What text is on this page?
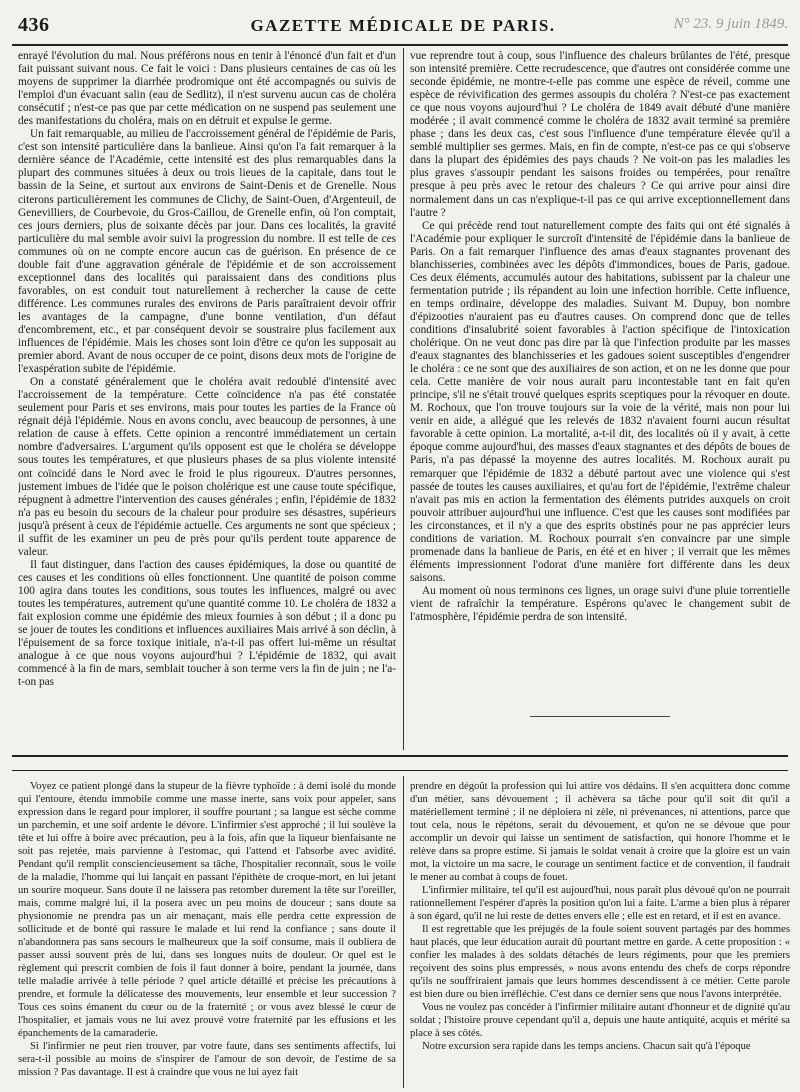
436	GAZETTE MÉDICALE DE PARIS.	N° 23. 9 juin 1849.

enrayé l'évolution du mal. Nous préférons nous en tenir à l'énoncé d'un fait et d'un fait puissant suivant nous. Ce fait le voici : Dans plusieurs centaines de cas où les moyens de supprimer la diarrhée prodromique ont été accompagnés ou suivis de l'emploi d'un évacuant salin (eau de Sedlitz), il n'est survenu aucun cas de choléra consécutif ; n'est-ce pas que par cette médication on ne suspend pas seulement une des manifestations du choléra, mais on en détruit et expulse le germe.

Un fait remarquable, au milieu de l'accroissement général de l'épidémie de Paris, c'est son intensité particulière dans la banlieue. Ainsi qu'on l'a fait remarquer à la dernière séance de l'Académie, cette intensité est des plus remarquables dans la plupart des communes situées à deux ou trois lieues de la capitale, dans tout le bassin de la Seine, et surtout aux environs de Saint-Denis et de Grenelle. Nous citerons particulièrement les communes de Clichy, de Saint-Ouen, d'Argenteuil, de Genevilliers, de Courbevoie, du Gros-Caillou, de Grenelle enfin, où l'on comptait, ces jours derniers, plus de soixante décès par jour. Dans ces localités, la gravité particulière du mal semble avoir suivi la progression du nombre. Il est telle de ces communes où on ne compte encore aucun cas de guérison. En présence de ce double fait d'une aggravation générale de l'épidémie et de son accroissement exceptionnel dans des localités qui paraissaient dans des conditions plus favorables, on est conduit tout naturellement à rechercher la cause de cette différence. Les communes rurales des environs de Paris paraîtraient devoir offrir les avantages de la campagne, d'une bonne ventilation, d'un défaut d'encombrement, etc., et par conséquent devoir se soustraire plus facilement aux influences de l'épidémie. Mais les choses sont loin d'être ce qu'on les supposait au premier abord. Avant de nous occuper de ce point, disons deux mots de l'origine de l'exaspération subite de l'épidémie.

On a constaté généralement que le choléra avait redoublé d'intensité avec l'accroissement de la température. Cette coïncidence n'a pas été constatée seulement pour Paris et ses environs, mais pour toutes les parties de la France où régnait déjà l'épidémie. Nous en avons conclu, avec beaucoup de personnes, à une relation de cause à effets. Cette opinion a rencontré immédiatement un certain nombre d'adversaires. L'argument qu'ils opposent est que le choléra se développe sous toutes les températures, et que plusieurs phases de sa plus violente intensité ont coïncidé dans le Nord avec le froid le plus rigoureux. D'autres personnes, justement imbues de l'idée que le poison cholérique est une cause toute spécifique, répugnent à admettre l'intervention des causes générales ; enfin, l'épidémie de 1832 n'a pas eu besoin du secours de la chaleur pour produire ses désastres, supérieurs jusqu'à présent à ceux de l'épidémie actuelle. Ces arguments ne sont que spécieux ; il suffit de les examiner un peu de près pour qu'ils perdent toute apparence de valeur.

Il faut distinguer, dans l'action des causes épidémiques, la dose ou quantité de ces causes et les conditions où elles fonctionnent. Une quantité de poison comme 100 agira dans toutes les conditions, sous toutes les influences, malgré ou avec toutes les températures, autrement qu'une quantité comme 10. Le choléra de 1832 a fait explosion comme une épidémie des mieux fournies à son début ; il a donc pu se jouer de toutes les conditions et influences auxiliaires Mais arrivé à son déclin, à l'épuisement de sa force toxique initiale, n'a-t-il pas offert lui-même un résultat analogue à ce que nous voyons aujourd'hui ? L'épidémie de 1832, qui avait commencé à la fin de mars, semblait toucher à son terme vers la fin de juin ; ne l'a-t-on pas

vue reprendre tout à coup, sous l'influence des chaleurs brûlantes de l'été, presque son intensité première. Cette recrudescence, que d'autres ont considérée comme une seconde épidémie, ne montre-t-elle pas comme une espèce de réveil, comme une espèce de révivification des germes assoupis du choléra ? N'est-ce pas exactement ce que nous voyons aujourd'hui ? Le choléra de 1849 avait débuté d'une manière modérée ; il avait commencé comme le choléra de 1832 avait terminé sa première phase ; dans les deux cas, c'est sous l'influence d'une température élevée qu'il a semblé multiplier ses germes. Mais, en fin de compte, n'est-ce pas ce qui s'observe dans la plupart des épidémies des pays chauds ? Ne voit-on pas les maladies les plus graves s'assoupir pendant les saisons froides ou tempérées, pour renaître presque à peu près avec le retour des chaleurs ? Ce qui arrive pour ainsi dire normalement dans un cas n'explique-t-il pas ce qui arrive exceptionnellement dans l'autre ?

Ce qui précède rend tout naturellement compte des faits qui ont été signalés à l'Académie pour expliquer le surcroît d'intensité de l'épidémie dans la banlieue de Paris. On a fait remarquer l'influence des amas d'eaux stagnantes provenant des blanchisseries, combinées avec les dépôts d'immondices, boues de Paris, gadoue. Ces deux éléments, accumulés autour des habitations, subissent par la chaleur une fermentation putride ; ils répandent au loin une infection horrible. Cette influence, en temps ordinaire, développe des maladies. Suivant M. Dupuy, bon nombre d'épizooties n'auraient pas eu d'autres causes. On comprend donc que de telles conditions d'insalubrité soient favorables à l'action spécifique de l'intoxication cholérique. On ne veut donc pas dire par là que l'infection produite par les masses d'eaux stagnantes des blanchisseries et les gadoues soient susceptibles d'engendrer le choléra : ce ne sont que des auxiliaires de son action, et on ne les donne que pour cela. Cette manière de voir nous aurait paru incontestable tant en fait qu'en principe, s'il ne s'était trouvé quelques esprits sceptiques pour la révoquer en doute. M. Rochoux, que l'on trouve toujours sur la voie de la vérité, mais non pour lui venir en aide, a allégué que les relevés de 1832 n'avaient fourni aucun résultat favorable à cette opinion. La mortalité, a-t-il dit, des localités où il y avait, à cette époque comme aujourd'hui, des masses d'eaux stagnantes et des dépôts de boues de Paris, n'a pas dépassé la moyenne des autres localités. M. Rochoux aurait pu remarquer que l'épidémie de 1832 a débuté partout avec une violence qui s'est passée de toutes les causes auxiliaires, et qu'au fort de l'épidémie, l'extrême chaleur n'avait pas mis en action la fermentation des éléments putrides auxquels on croit pouvoir attribuer aujourd'hui une influence. C'est que les causes sont modifiées par les circonstances, et il n'y a que des esprits obstinés pour ne pas apprécier leurs conditions de variation. M. Rochoux pourrait s'en convaincre par une simple promenade dans la banlieue de Paris, en été et en hiver ; il verrait que les mêmes éléments impressionnent l'odorat d'une manière fort différente dans les deux saisons.

Au moment où nous terminons ces lignes, un orage suivi d'une pluie torrentielle vient de rafraîchir la température. Espérons qu'avec le changement subit de l'atmosphère, l'épidémie perdra de son intensité.

Voyez ce patient plongé dans la stupeur de la fièvre typhoïde : à demi isolé du monde qui l'entoure, étendu immobile comme une masse inerte, sans voix pour appeler, sans expression dans le regard pour implorer, il souffre pourtant ; sa langue est sèche comme un parchemin, et une soif ardente le dévore. L'infirmier s'est approché ; il lui soulève la tête et lui offre à boire avec précaution, peu à la fois, afin que la liqueur bienfaisante ne soit pas rejetée, mais parvienne à l'estomac, qui l'attend et l'absorbe avec avidité. Pendant qu'il remplit consciencieusement sa tâche, l'hospitalier reconnaît, sous le voile de la maladie, l'homme qui lui lançait en passant l'épithète de croque-mort, en lui jetant un sourire moqueur. Sans doute il ne laissera pas retomber durement la tête sur l'oreiller, mais, comme malgré lui, il la posera avec un peu moins de douceur ; sans doute sa physionomie ne prendra pas un air menaçant, mais elle perdra cette expression de sollicitude et de bonté qui rassure le malade et lui rend la confiance ; sans doute il n'abandonnera pas sans secours le malheureux que la soif consume, mais il oubliera de passer aussi souvent près de lui, dans ses longues nuits de douleur. Or quel est le règlement qui prescrit combien de fois il faut donner à boire, pendant la journée, dans telle maladie arrivée à telle période ? quel article détaillé et précise les précautions à prendre, et formule la délicatesse des mouvements, leur ensemble et leur succession ? Tous ces soins émanent du cœur ou de la fraternité ; or vous avez blessé le cœur de l'hospitalier, et jamais vous ne lui avez prouvé votre fraternité par les effusions et les épanchements de la camaraderie.

Si l'infirmier ne peut rien trouver, par votre faute, dans ses sentiments affectifs, lui sera-t-il possible au moins de s'inspirer de l'amour de son devoir, de l'estime de sa mission ? Pas davantage. Il est à craindre que vous ne lui ayez fait

prendre en dégoût la profession qui lui attire vos dédains. Il s'en acquittera donc comme d'un métier, sans dévouement ; il achèvera sa tâche pour qu'il soit dit qu'il a matériellement terminé ; il ne déploiera ni zèle, ni prévenances, ni attentions, parce que tout cela, nous le répétons, serait du dévouement, et qu'on ne se dévoue que pour accomplir un devoir qui laisse un sentiment de satisfaction, qui honore l'homme et le relève dans sa propre estime. Si jamais le soldat venait à croire que la gloire est un vain mot, la victoire un ma sacre, le courage un sentiment factice et de convention, il faudrait le mener au combat à coups de fouet.

L'infirmier militaire, tel qu'il est aujourd'hui, nous paraît plus dévoué qu'on ne pourrait rationnellement l'espérer d'après la position qu'on lui a faite. L'arme a bien plus à réparer à son égard, qu'il ne lui reste de dettes envers elle ; elle est en retard, et il est en avance.

Il est regrettable que les préjugés de la foule soient souvent partagés par des hommes haut placés, que leur éducation aurait dû pourtant mettre en garde. A cette proposition : « confier les malades à des soldats détachés de leurs régiments, pour que les premiers reçoivent des soins plus empressés, » nous avons entendu des chefs de corps répondre qu'ils ne souffriraient jamais que leurs hommes descendissent à ce métier. Cette parole est bien dure ou bien irréfléchie. C'est dans ce dernier sens que nous l'avons interprétée.

Vous ne voulez pas concéder à l'infirmier militaire autant d'honneur et de dignité qu'au soldat ; l'histoire prouve cependant qu'il a, depuis une haute antiquité, acquis et mérité sa place à ses côtés.

Notre excursion sera rapide dans les temps anciens. Chacun sait qu'à l'époque
